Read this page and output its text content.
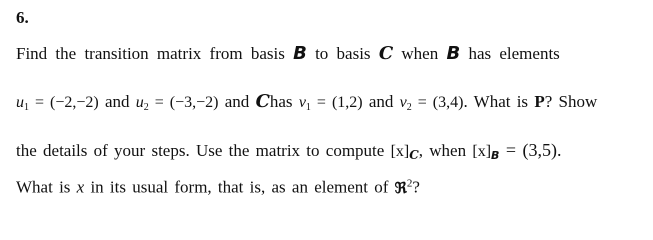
6.
Find the transition matrix from basis B to basis C when B has elements
$u_1 = (-2,-2)$ and $u_2 = (-3,-2)$ and Chas $v_1 = (1,2)$ and $v_2 = (3,4)$. What is P? Show
the details of your steps. Use the matrix to compute $[x]_C$, when $[x]_B = (3,5)$.
What is x in its usual form, that is, as an element of ℜ$^2$?
